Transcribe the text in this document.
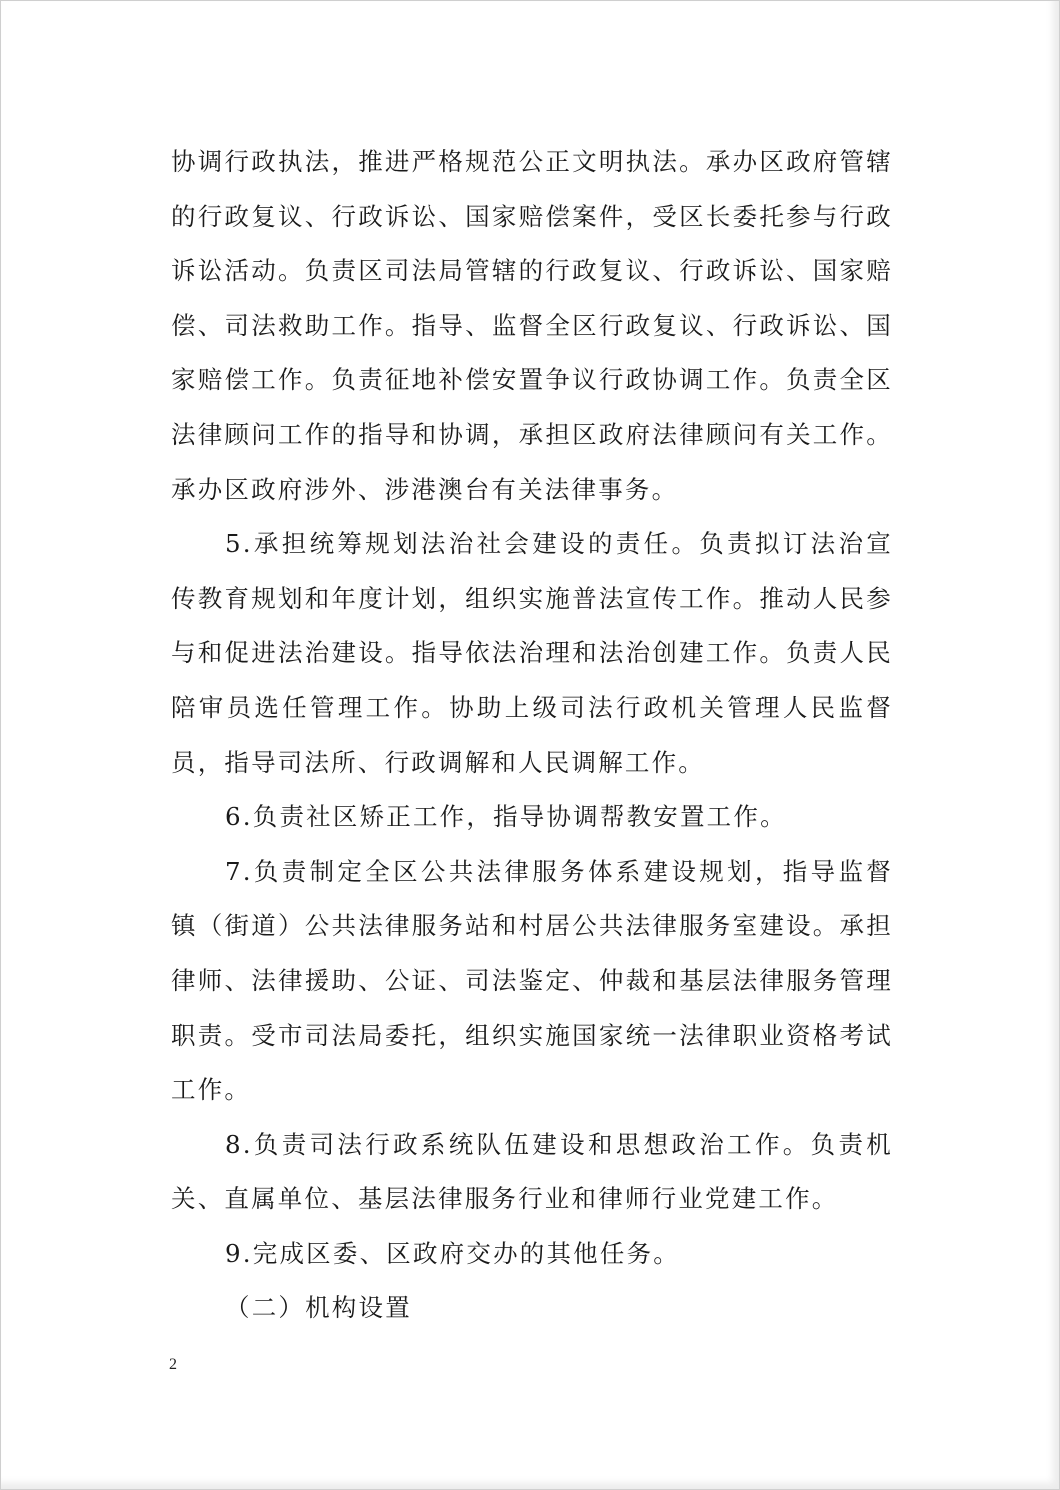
协调行政执法，推进严格规范公正文明执法。承办区政府管辖的行政复议、行政诉讼、国家赔偿案件，受区长委托参与行政诉讼活动。负责区司法局管辖的行政复议、行政诉讼、国家赔偿、司法救助工作。指导、监督全区行政复议、行政诉讼、国家赔偿工作。负责征地补偿安置争议行政协调工作。负责全区法律顾问工作的指导和协调，承担区政府法律顾问有关工作。承办区政府涉外、涉港澳台有关法律事务。

5.承担统筹规划法治社会建设的责任。负责拟订法治宣传教育规划和年度计划，组织实施普法宣传工作。推动人民参与和促进法治建设。指导依法治理和法治创建工作。负责人民陪审员选任管理工作。协助上级司法行政机关管理人民监督员，指导司法所、行政调解和人民调解工作。

6.负责社区矫正工作，指导协调帮教安置工作。

7.负责制定全区公共法律服务体系建设规划，指导监督镇（街道）公共法律服务站和村居公共法律服务室建设。承担律师、法律援助、公证、司法鉴定、仲裁和基层法律服务管理职责。受市司法局委托，组织实施国家统一法律职业资格考试工作。

8.负责司法行政系统队伍建设和思想政治工作。负责机关、直属单位、基层法律服务行业和律师行业党建工作。

9.完成区委、区政府交办的其他任务。

（二）机构设置

2
